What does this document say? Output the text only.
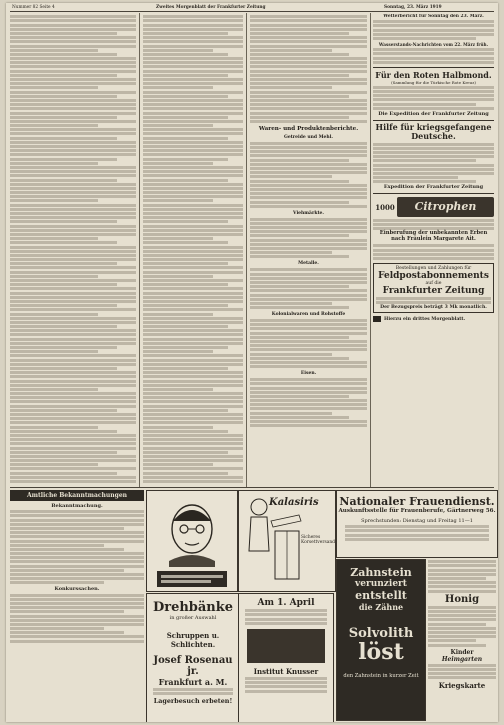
Nummer 82 Seite 4	Zweites Morgenblatt der Frankfurter Zeitung	Sonntag, 23. März 1919
Waren- und Produktenberichte.
Getreide und Mehl.
Viehmärkte.
Metalle.
Kolonialwaren und Rohstoffe
Eisen.
Wetterbericht für Sonntag den 23. März.
Wasserstands-Nachrichten vom 22. März früh.
Für den Roten Halbmond.
(Sammlung für die Türkische Rote Kreuz)
Die Expedition der Frankfurter Zeitung
Hilfe für kriegsgefangene Deutsche.
Expedition der Frankfurter Zeitung
1000	Citrophen
Einberufung der unbekannten Erben nach Fräulein Margarete Ait.
Bestellungen und Zahlungen für
Feldpostabonnements
auf die
Frankfurter Zeitung
Der Bezugspreis beträgt 3 Mk monatlich.
Hierzu ein drittes Morgenblatt.
Amtliche Bekanntmachungen
Bekanntmachung.
Konkurssachen.
Drehbänke
in großer Auswahl
Schruppen u. Schlichten.
Josef Rosenau jr.
Frankfurt a. M.
Lagerbesuch erbeten!
Kalasiris
Sicheres Korsettversand
Am 1. April
Institut Knusser
Nationaler Frauendienst.
Auskunftsstelle für Frauenberufe, Gärtnerweg 56.
Sprechstunden: Dienstag und Freitag 11—1
Zahnstein
verunziert
entstellt
die Zähne
Solvolith
löst
den Zahnstein in kurzer Zeit
Honig
Kinder
Heimgarten
Kriegskarte
